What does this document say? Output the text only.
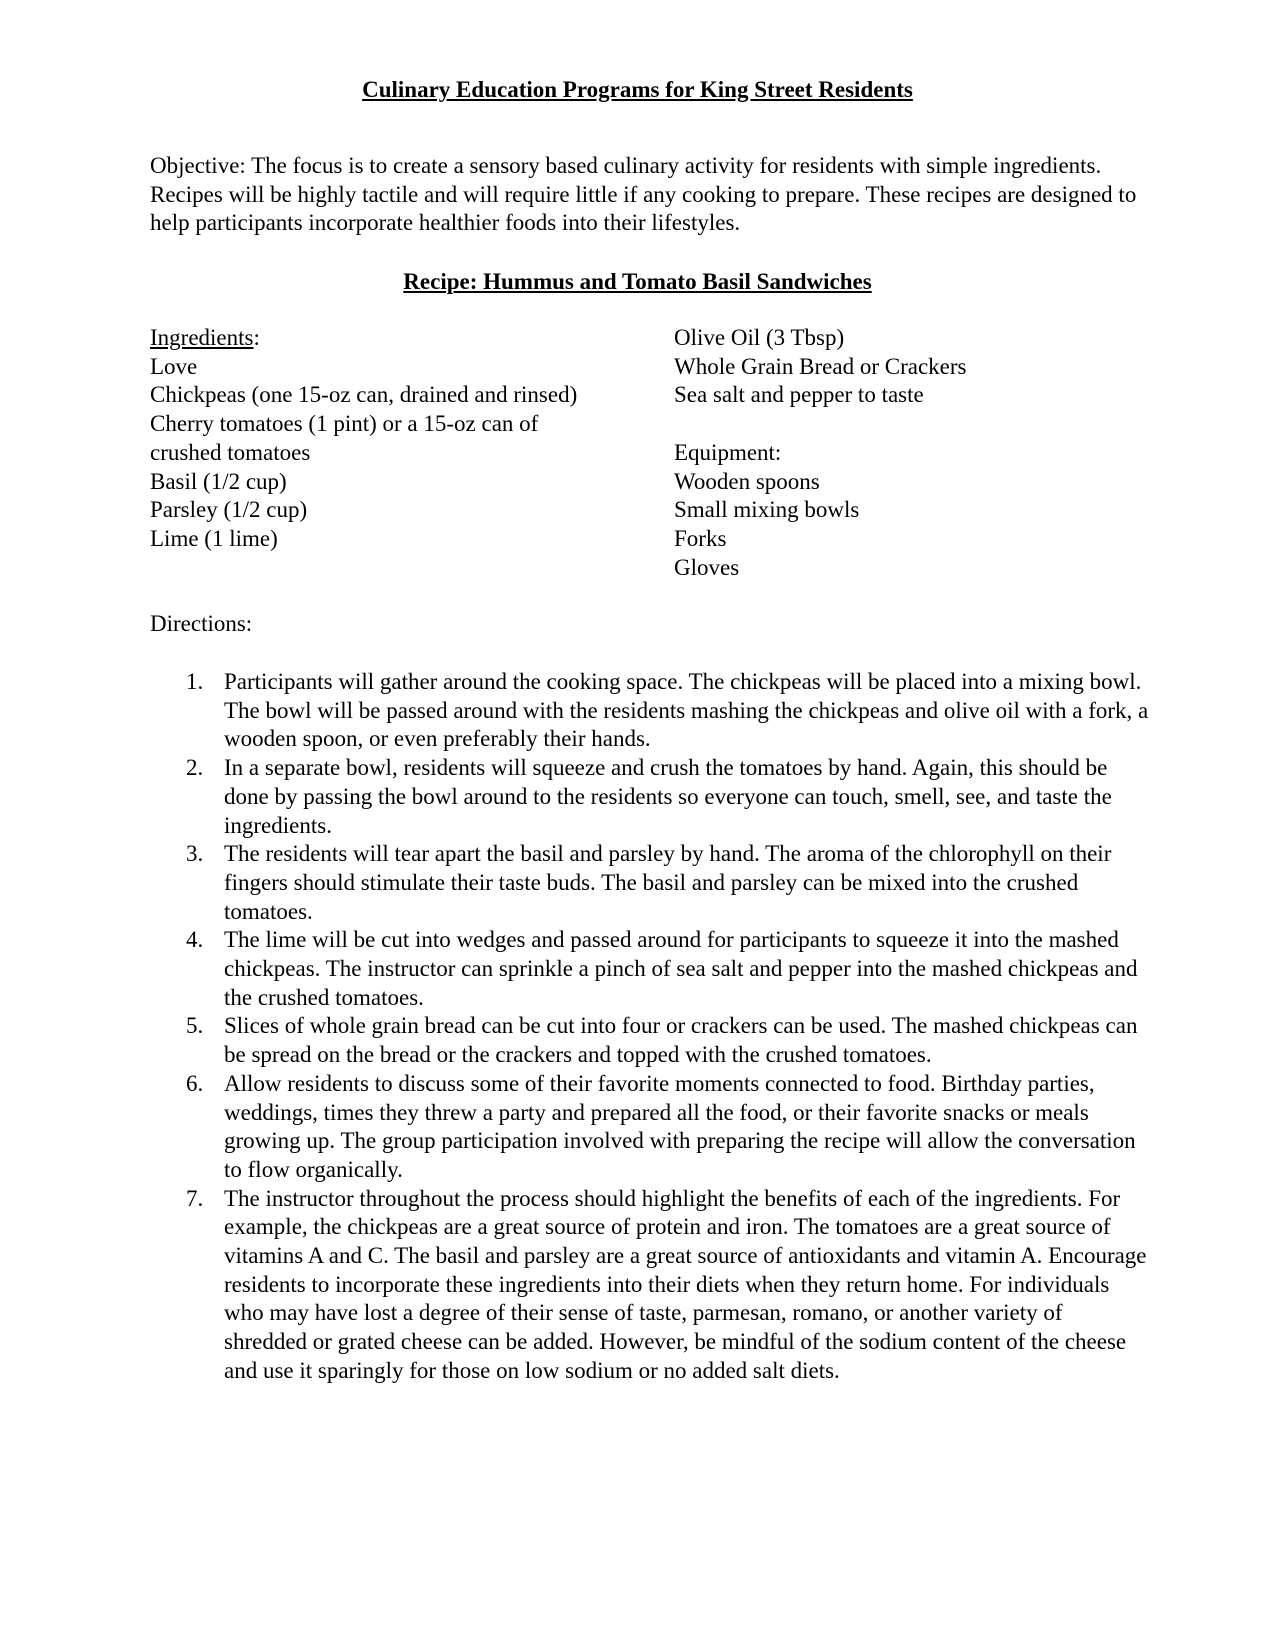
Culinary Education Programs for King Street Residents
Objective: The focus is to create a sensory based culinary activity for residents with simple ingredients. Recipes will be highly tactile and will require little if any cooking to prepare. These recipes are designed to help participants incorporate healthier foods into their lifestyles.
Recipe: Hummus and Tomato Basil Sandwiches
Ingredients:
Love
Chickpeas (one 15-oz can, drained and rinsed)
Cherry tomatoes (1 pint) or a 15-oz can of crushed tomatoes
Basil (1/2 cup)
Parsley (1/2 cup)
Lime (1 lime)
Olive Oil (3 Tbsp)
Whole Grain Bread or Crackers
Sea salt and pepper to taste
Equipment:
Wooden spoons
Small mixing bowls
Forks
Gloves
Directions:
1. Participants will gather around the cooking space. The chickpeas will be placed into a mixing bowl. The bowl will be passed around with the residents mashing the chickpeas and olive oil with a fork, a wooden spoon, or even preferably their hands.
2. In a separate bowl, residents will squeeze and crush the tomatoes by hand. Again, this should be done by passing the bowl around to the residents so everyone can touch, smell, see, and taste the ingredients.
3. The residents will tear apart the basil and parsley by hand. The aroma of the chlorophyll on their fingers should stimulate their taste buds. The basil and parsley can be mixed into the crushed tomatoes.
4. The lime will be cut into wedges and passed around for participants to squeeze it into the mashed chickpeas. The instructor can sprinkle a pinch of sea salt and pepper into the mashed chickpeas and the crushed tomatoes.
5. Slices of whole grain bread can be cut into four or crackers can be used. The mashed chickpeas can be spread on the bread or the crackers and topped with the crushed tomatoes.
6. Allow residents to discuss some of their favorite moments connected to food. Birthday parties, weddings, times they threw a party and prepared all the food, or their favorite snacks or meals growing up. The group participation involved with preparing the recipe will allow the conversation to flow organically.
7. The instructor throughout the process should highlight the benefits of each of the ingredients. For example, the chickpeas are a great source of protein and iron. The tomatoes are a great source of vitamins A and C. The basil and parsley are a great source of antioxidants and vitamin A. Encourage residents to incorporate these ingredients into their diets when they return home. For individuals who may have lost a degree of their sense of taste, parmesan, romano, or another variety of shredded or grated cheese can be added. However, be mindful of the sodium content of the cheese and use it sparingly for those on low sodium or no added salt diets.
